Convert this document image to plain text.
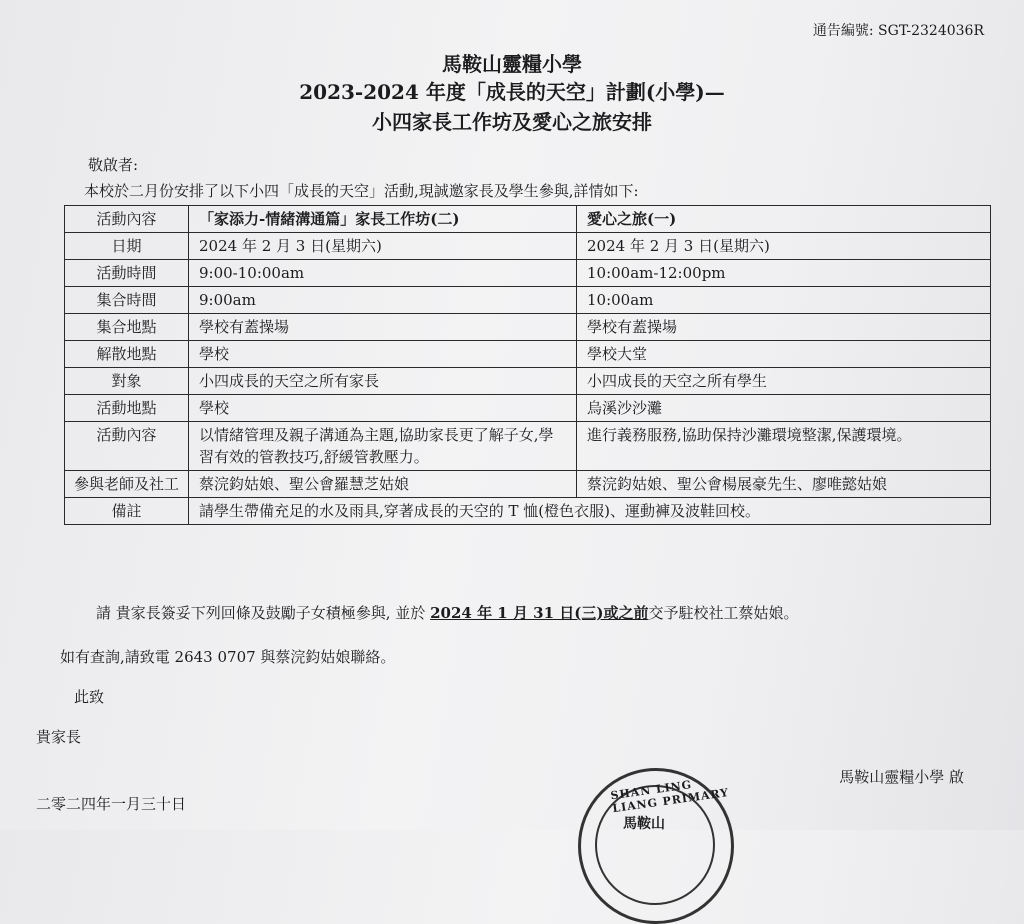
通告編號: SGT-2324036R
馬鞍山靈糧小學
2023-2024 年度「成長的天空」計劃(小學)—
小四家長工作坊及愛心之旅安排
敬啟者:
本校於二月份安排了以下小四「成長的天空」活動,現誠邀家長及學生參與,詳情如下:
活動內容	「家添力-情緒溝通篇」家長工作坊(二)	愛心之旅(一)
日期	2024 年 2 月 3 日(星期六)	2024 年 2 月 3 日(星期六)
活動時間	9:00-10:00am	10:00am-12:00pm
集合時間	9:00am	10:00am
集合地點	學校有蓋操場	學校有蓋操場
解散地點	學校	學校大堂
對象	小四成長的天空之所有家長	小四成長的天空之所有學生
活動地點	學校	烏溪沙沙灘
活動內容	以情緒管理及親子溝通為主題,協助家長更了解子女,學習有效的管教技巧,舒緩管教壓力。	進行義務服務,協助保持沙灘環境整潔,保護環境。
參與老師及社工	蔡浣鈞姑娘、聖公會羅慧芝姑娘	蔡浣鈞姑娘、聖公會楊展豪先生、廖唯懿姑娘
備註	請學生帶備充足的水及雨具,穿著成長的天空的 T 恤(橙色衣服)、運動褲及波鞋回校。	
請 貴家長簽妥下列回條及鼓勵子女積極參與, 並於 2024 年 1 月 31 日(三)或之前交予駐校社工蔡姑娘。
如有查詢,請致電 2643 0707 與蔡浣鈞姑娘聯絡。
此致
貴家長
SHAN LING LIANG PRIMARY
馬鞍山
馬鞍山靈糧小學 啟
二零二四年一月三十日
